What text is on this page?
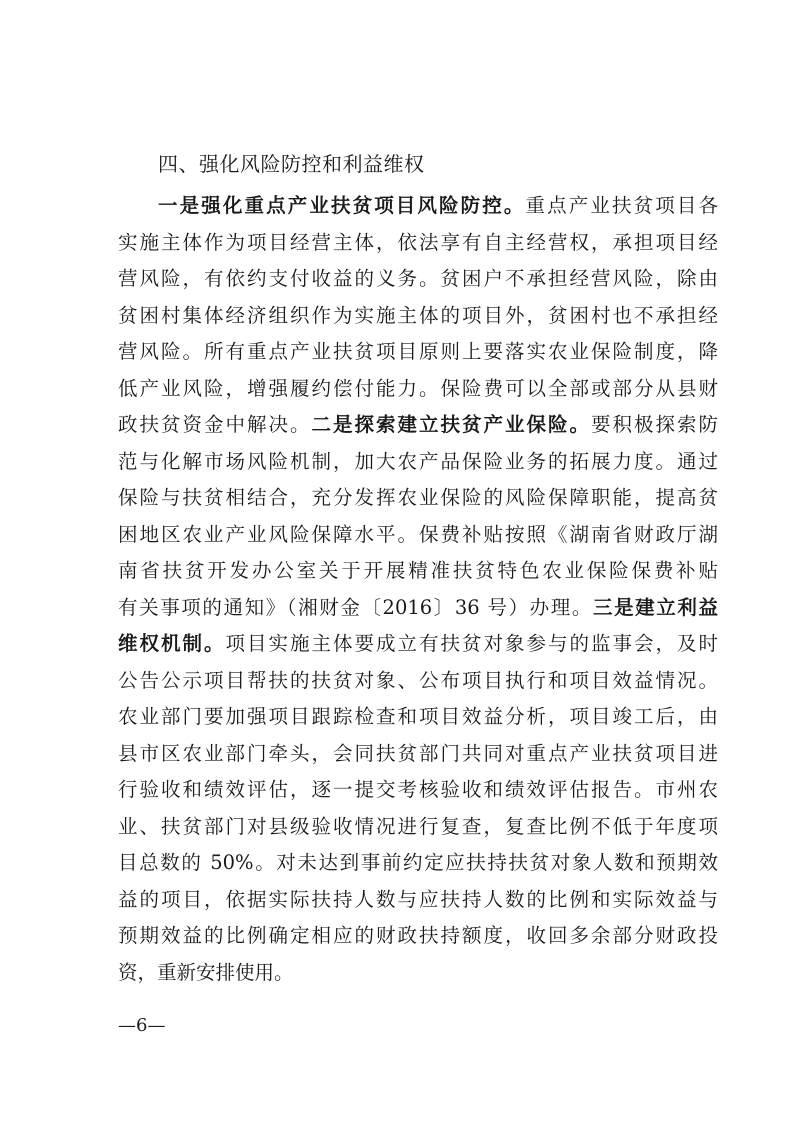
四、强化风险防控和利益维权
一是强化重点产业扶贫项目风险防控。重点产业扶贫项目各
实施主体作为项目经营主体，依法享有自主经营权，承担项目经
营风险，有依约支付收益的义务。贫困户不承担经营风险，除由
贫困村集体经济组织作为实施主体的项目外，贫困村也不承担经
营风险。所有重点产业扶贫项目原则上要落实农业保险制度，降
低产业风险，增强履约偿付能力。保险费可以全部或部分从县财
政扶贫资金中解决。二是探索建立扶贫产业保险。要积极探索防
范与化解市场风险机制，加大农产品保险业务的拓展力度。通过
保险与扶贫相结合，充分发挥农业保险的风险保障职能，提高贫
困地区农业产业风险保障水平。保费补贴按照《湖南省财政厅湖
南省扶贫开发办公室关于开展精准扶贫特色农业保险保费补贴
有关事项的通知》（湘财金〔2016〕36 号）办理。三是建立利益
维权机制。项目实施主体要成立有扶贫对象参与的监事会，及时
公告公示项目帮扶的扶贫对象、公布项目执行和项目效益情况。
农业部门要加强项目跟踪检查和项目效益分析，项目竣工后，由
县市区农业部门牵头，会同扶贫部门共同对重点产业扶贫项目进
行验收和绩效评估，逐一提交考核验收和绩效评估报告。市州农
业、扶贫部门对县级验收情况进行复查，复查比例不低于年度项
目总数的 50%。对未达到事前约定应扶持扶贫对象人数和预期效
益的项目，依据实际扶持人数与应扶持人数的比例和实际效益与
预期效益的比例确定相应的财政扶持额度，收回多余部分财政投
资，重新安排使用。
—6—
